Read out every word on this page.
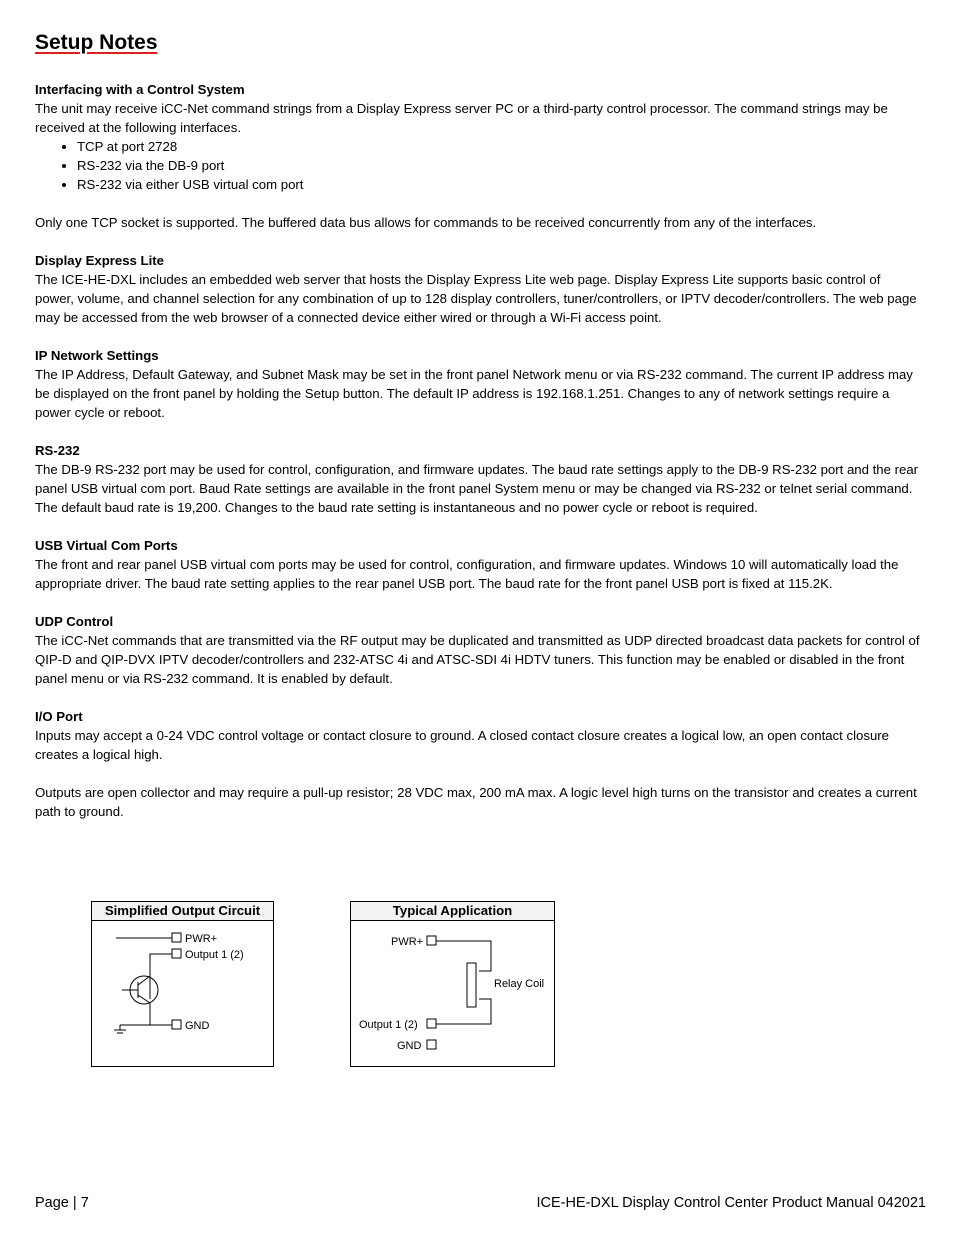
Setup Notes

Interfacing with a Control System

The unit may receive iCC-Net command strings from a Display Express server PC or a third-party control processor. The command strings may be received at the following interfaces.

• TCP at port 2728
• RS-232 via the DB-9 port
• RS-232 via either USB virtual com port

Only one TCP socket is supported. The buffered data bus allows for commands to be received concurrently from any of the interfaces.

Display Express Lite

The ICE-HE-DXL includes an embedded web server that hosts the Display Express Lite web page. Display Express Lite supports basic control of power, volume, and channel selection for any combination of up to 128 display controllers, tuner/controllers, or IPTV decoder/controllers. The web page may be accessed from the web browser of a connected device either wired or through a Wi-Fi access point.

IP Network Settings

The IP Address, Default Gateway, and Subnet Mask may be set in the front panel Network menu or via RS-232 command. The current IP address may be displayed on the front panel by holding the Setup button. The default IP address is 192.168.1.251. Changes to any of network settings require a power cycle or reboot.

RS-232

The DB-9 RS-232 port may be used for control, configuration, and firmware updates. The baud rate settings apply to the DB-9 RS-232 port and the rear panel USB virtual com port. Baud Rate settings are available in the front panel System menu or may be changed via RS-232 or telnet serial command. The default baud rate is 19,200. Changes to the baud rate setting is instantaneous and no power cycle or reboot is required.

USB Virtual Com Ports

The front and rear panel USB virtual com ports may be used for control, configuration, and firmware updates. Windows 10 will automatically load the appropriate driver. The baud rate setting applies to the rear panel USB port. The baud rate for the front panel USB port is fixed at 115.2K.

UDP Control

The iCC-Net commands that are transmitted via the RF output may be duplicated and transmitted as UDP directed broadcast data packets for control of QIP-D and QIP-DVX IPTV decoder/controllers and 232-ATSC 4i and ATSC-SDI 4i HDTV tuners. This function may be enabled or disabled in the front panel menu or via RS-232 command. It is enabled by default.

I/O Port

Inputs may accept a 0-24 VDC control voltage or contact closure to ground. A closed contact closure creates a logical low, an open contact closure creates a logical high.

Outputs are open collector and may require a pull-up resistor; 28 VDC max, 200 mA max. A logic level high turns on the transistor and creates a current path to ground.

Simplified Output Circuit
PWR+
Output 1 (2)
GND
Typical Application
PWR+
Relay Coil
Output 1 (2)
GND
Page | 7	ICE-HE-DXL Display Control Center Product Manual 042021
